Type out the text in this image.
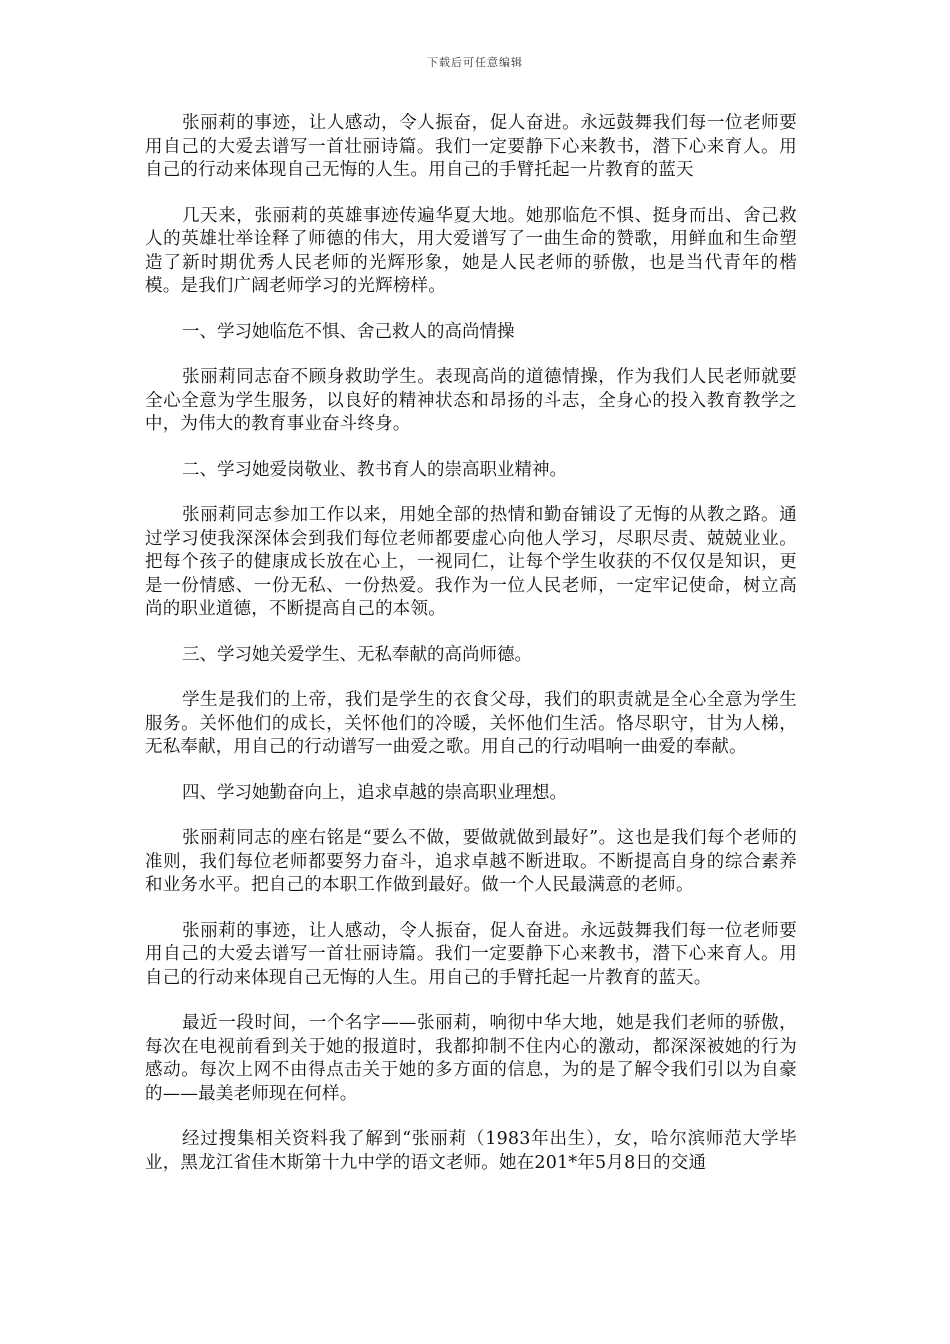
下载后可任意编辑

张丽莉的事迹，让人感动，令人振奋，促人奋进。永远鼓舞我们每一位老师要用自己的大爱去谱写一首壮丽诗篇。我们一定要静下心来教书，潜下心来育人。用自己的行动来体现自己无悔的人生。用自己的手臂托起一片教育的蓝天

几天来，张丽莉的英雄事迹传遍华夏大地。她那临危不惧、挺身而出、舍己救人的英雄壮举诠释了师德的伟大，用大爱谱写了一曲生命的赞歌，用鲜血和生命塑造了新时期优秀人民老师的光辉形象，她是人民老师的骄傲，也是当代青年的楷模。是我们广阔老师学习的光辉榜样。

一、学习她临危不惧、舍己救人的高尚情操

张丽莉同志奋不顾身救助学生。表现高尚的道德情操，作为我们人民老师就要全心全意为学生服务，以良好的精神状态和昂扬的斗志，全身心的投入教育教学之中，为伟大的教育事业奋斗终身。

二、学习她爱岗敬业、教书育人的崇高职业精神。

张丽莉同志参加工作以来，用她全部的热情和勤奋铺设了无悔的从教之路。通过学习使我深深体会到我们每位老师都要虚心向他人学习，尽职尽责、兢兢业业。把每个孩子的健康成长放在心上，一视同仁，让每个学生收获的不仅仅是知识，更是一份情感、一份无私、一份热爱。我作为一位人民老师，一定牢记使命，树立高尚的职业道德，不断提高自己的本领。

三、学习她关爱学生、无私奉献的高尚师德。

学生是我们的上帝，我们是学生的衣食父母，我们的职责就是全心全意为学生服务。关怀他们的成长，关怀他们的冷暖，关怀他们生活。恪尽职守，甘为人梯，无私奉献，用自己的行动谱写一曲爱之歌。用自己的行动唱响一曲爱的奉献。

四、学习她勤奋向上，追求卓越的崇高职业理想。

张丽莉同志的座右铭是“要么不做，要做就做到最好”。这也是我们每个老师的准则，我们每位老师都要努力奋斗，追求卓越不断进取。不断提高自身的综合素养和业务水平。把自己的本职工作做到最好。做一个人民最满意的老师。

张丽莉的事迹，让人感动，令人振奋，促人奋进。永远鼓舞我们每一位老师要用自己的大爱去谱写一首壮丽诗篇。我们一定要静下心来教书，潜下心来育人。用自己的行动来体现自己无悔的人生。用自己的手臂托起一片教育的蓝天。

最近一段时间，一个名字——张丽莉，响彻中华大地，她是我们老师的骄傲，每次在电视前看到关于她的报道时，我都抑制不住内心的激动，都深深被她的行为感动。每次上网不由得点击关于她的多方面的信息，为的是了解令我们引以为自豪的——最美老师现在何样。

经过搜集相关资料我了解到“张丽莉（1983年出生），女，哈尔滨师范大学毕业，黑龙江省佳木斯第十九中学的语文老师。她在201*年5月8日的交通
